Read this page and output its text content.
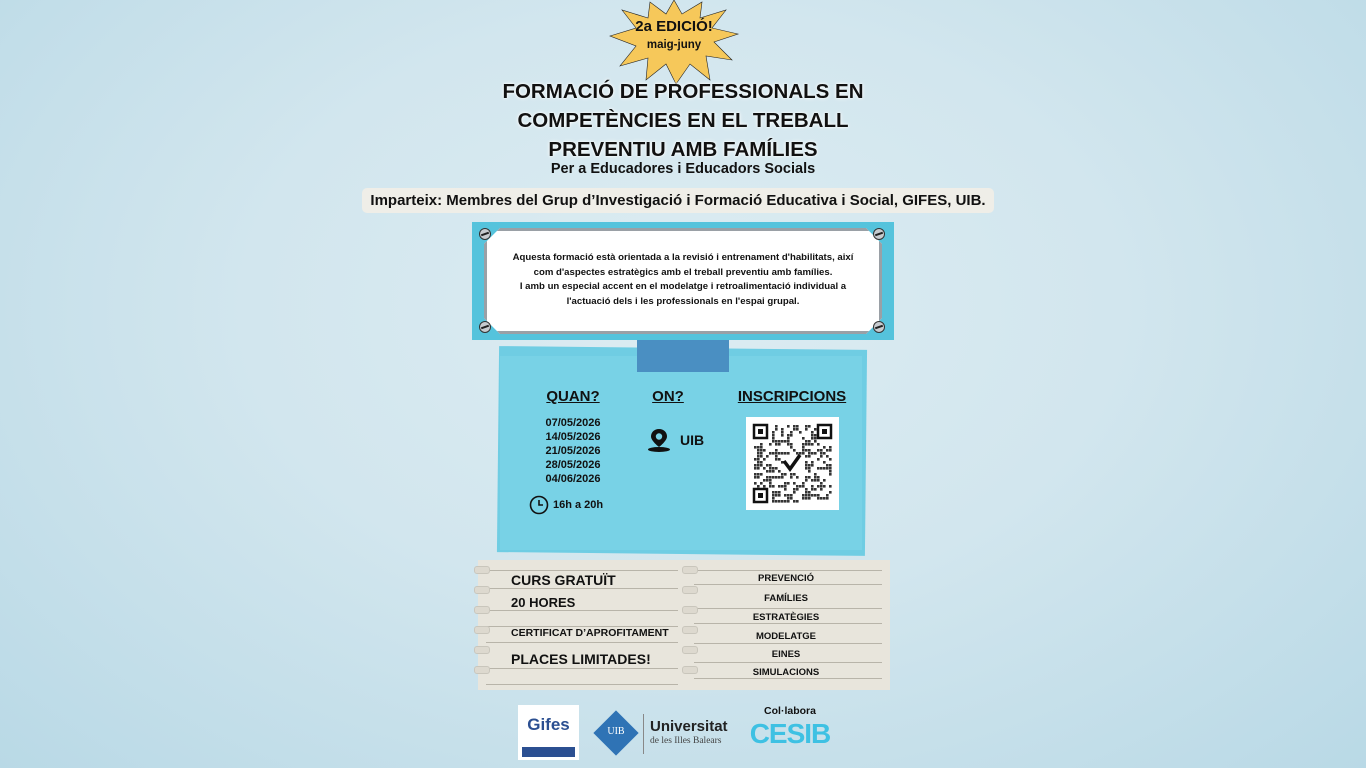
2a EDICIÓ!
maig-juny
FORMACIÓ DE PROFESSIONALS EN
COMPETÈNCIES EN EL TREBALL
PREVENTIU AMB FAMÍLIES
Per a Educadores i Educadors Socials
Imparteix: Membres del Grup d’Investigació i Formació Educativa i Social, GIFES, UIB.
Aquesta formació està orientada a la revisió i entrenament d'habilitats, així
com d'aspectes estratègics amb el treball preventiu amb famílies.
I amb un especial accent en el modelatge i retroalimentació individual a
l'actuació dels i les professionals en l'espai grupal.
QUAN?	ON?	INSCRIPCIONS
07/05/2026
14/05/2026
21/05/2026
28/05/2026
04/06/2026
16h a 20h
UIB
CURS GRATUÏT
20 HORES
CERTIFICAT D’APROFITAMENT
PLACES LIMITADES!
PREVENCIÓ
FAMÍLIES
ESTRATÈGIES
MODELATGE
EINES
SIMULACIONS
Gifes	UIB	Universitat
de les Illes Balears
Col·labora
CESIB
